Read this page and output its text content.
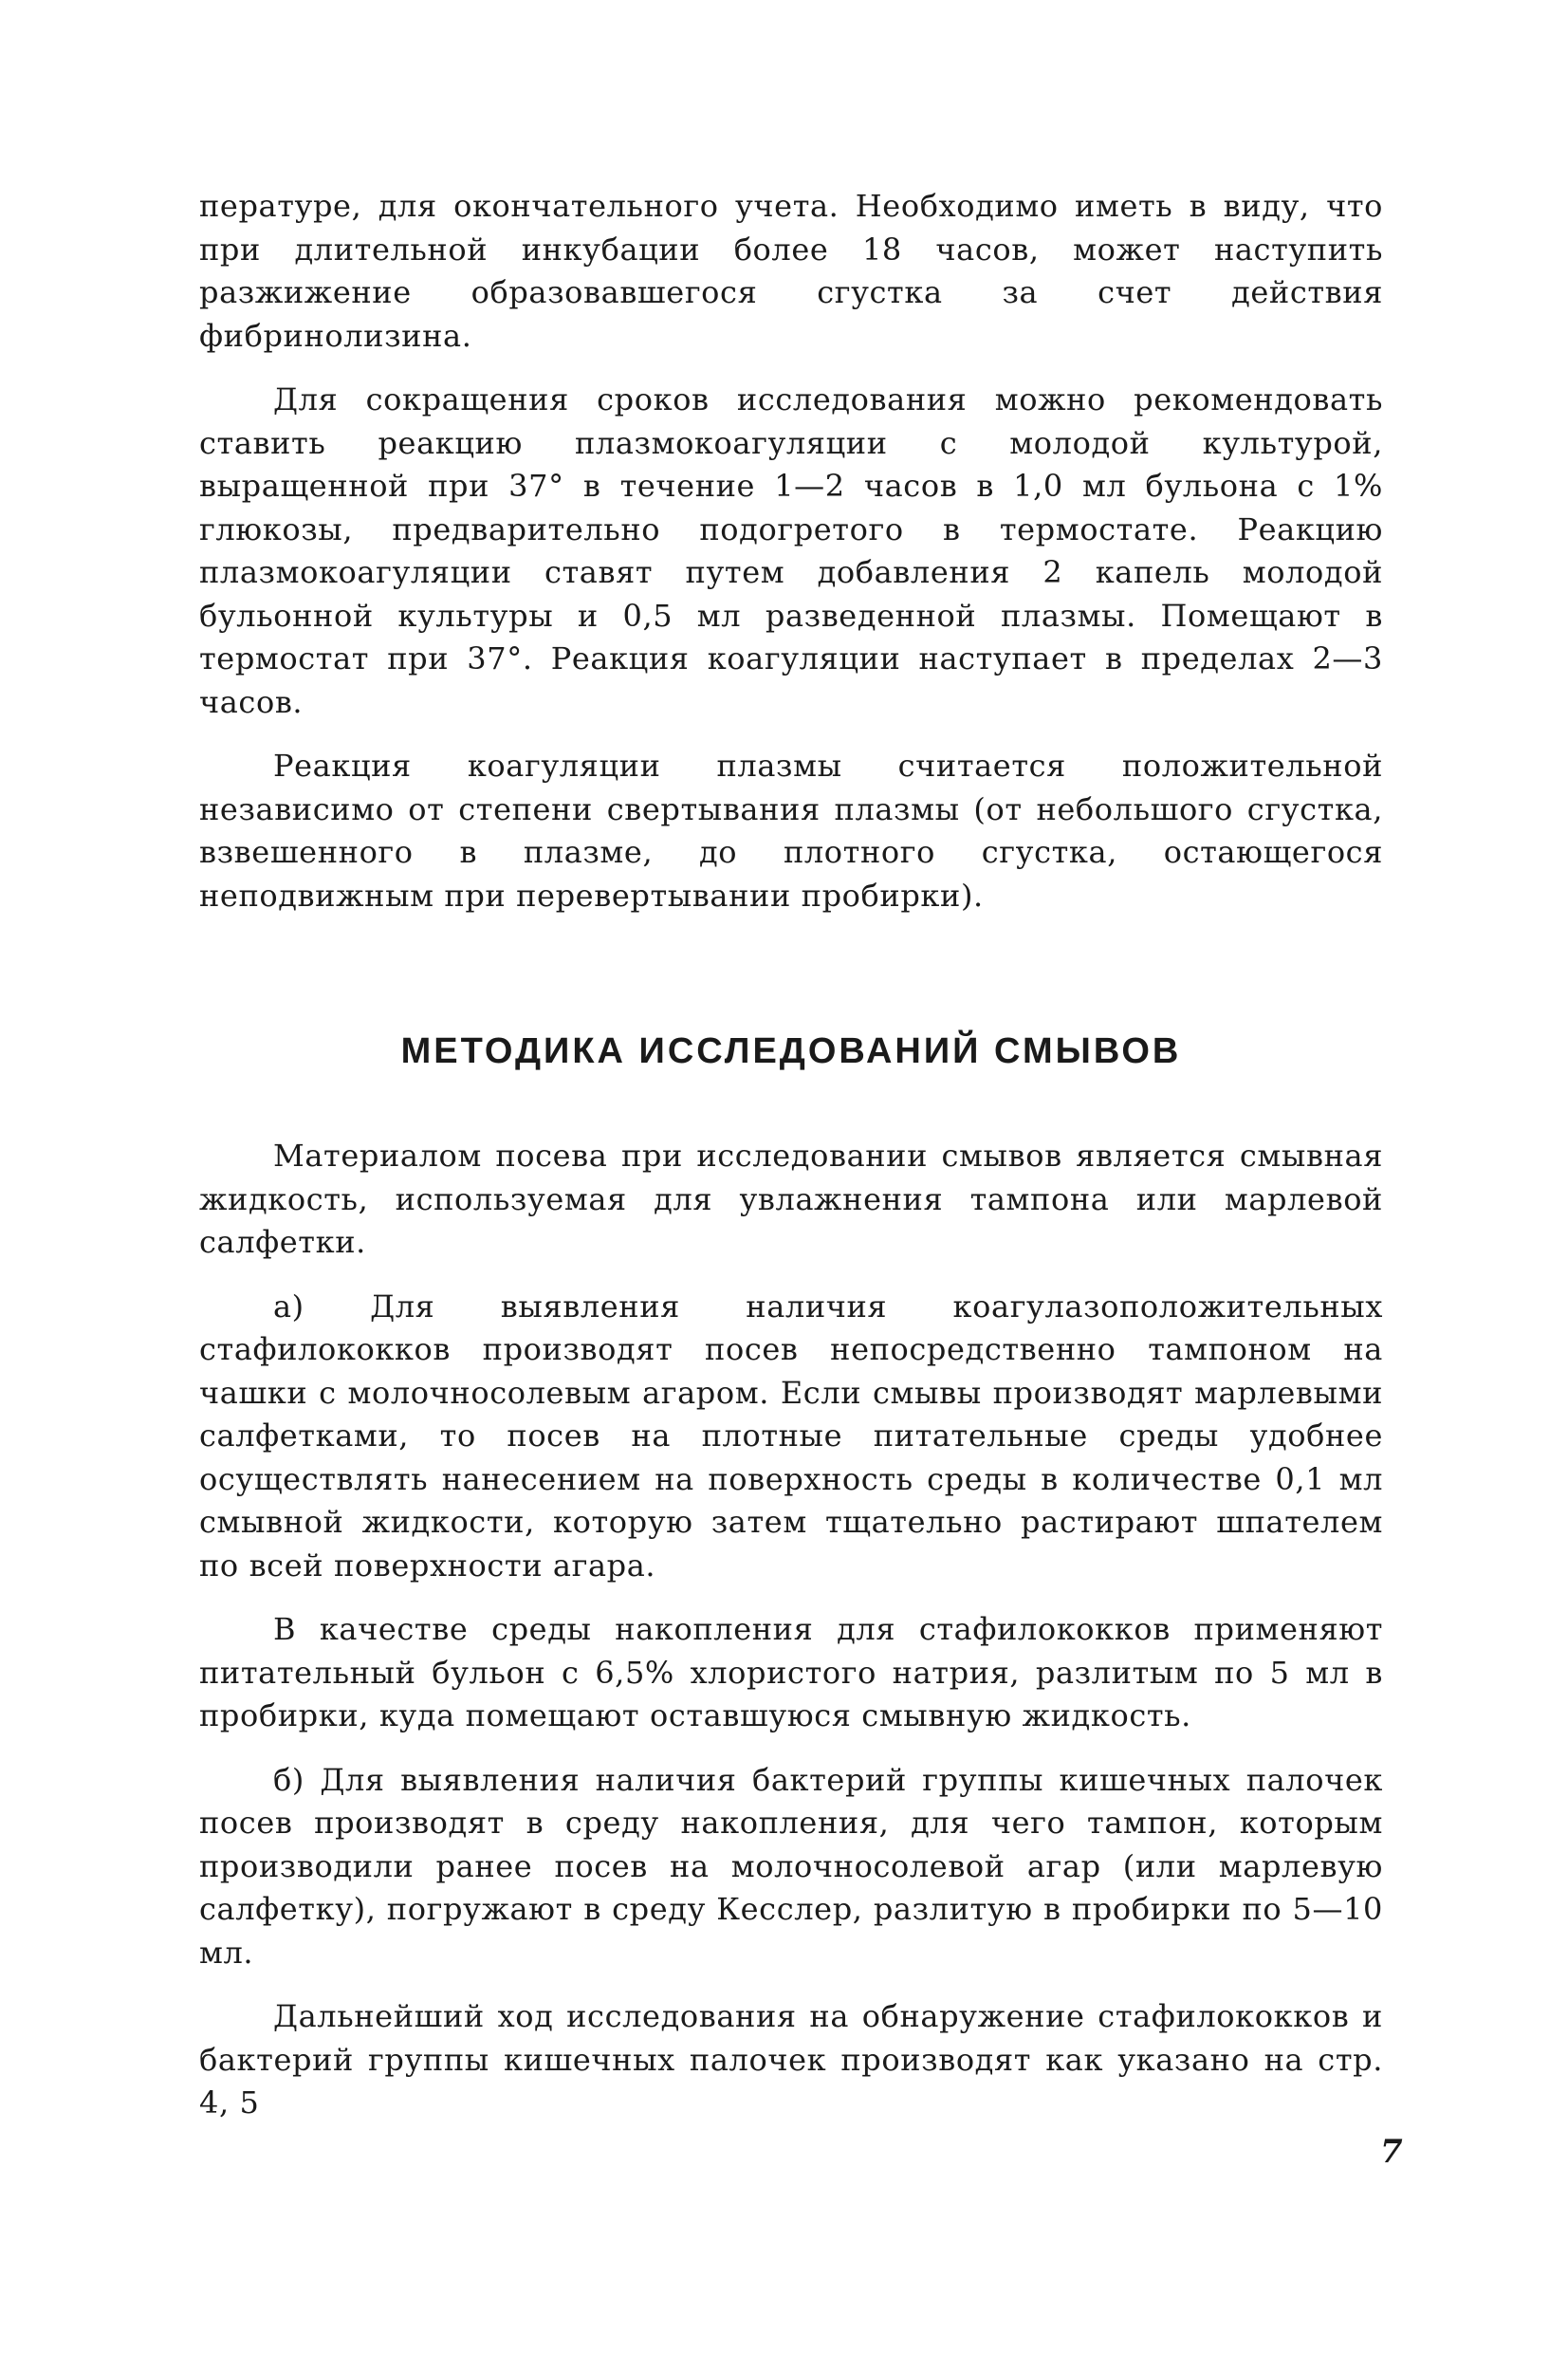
пературе, для окончательного учета. Необходимо иметь в виду, что при длительной инкубации более 18 часов, может наступить разжижение образовавшегося сгустка за счет действия фибринолизина.

Для сокращения сроков исследования можно рекомендовать ставить реакцию плазмокоагуляции с молодой культурой, выращенной при 37° в течение 1—2 часов в 1,0 мл бульона с 1% глюкозы, предварительно подогретого в термостате. Реакцию плазмокоагуляции ставят путем добавления 2 капель молодой бульонной культуры и 0,5 мл разведенной плазмы. Помещают в термостат при 37°. Реакция коагуляции наступает в пределах 2—3 часов.

Реакция коагуляции плазмы считается положительной независимо от степени свертывания плазмы (от небольшого сгустка, взвешенного в плазме, до плотного сгустка, остающегося неподвижным при перевертывании пробирки).

МЕТОДИКА ИССЛЕДОВАНИЙ СМЫВОВ

Материалом посева при исследовании смывов является смывная жидкость, используемая для увлажнения тампона или марлевой салфетки.

а) Для выявления наличия коагулазоположительных стафилококков производят посев непосредственно тампоном на чашки с молочносолевым агаром. Если смывы производят марлевыми салфетками, то посев на плотные питательные среды удобнее осуществлять нанесением на поверхность среды в количестве 0,1 мл смывной жидкости, которую затем тщательно растирают шпателем по всей поверхности агара.

В качестве среды накопления для стафилококков применяют питательный бульон с 6,5% хлористого натрия, разлитым по 5 мл в пробирки, куда помещают оставшуюся смывную жидкость.

б) Для выявления наличия бактерий группы кишечных палочек посев производят в среду накопления, для чего тампон, которым производили ранее посев на молочносолевой агар (или марлевую салфетку), погружают в среду Кесслер, разлитую в пробирки по 5—10 мл.

Дальнейший ход исследования на обнаружение стафилококков и бактерий группы кишечных палочек производят как указано на стр. 4, 5

7
